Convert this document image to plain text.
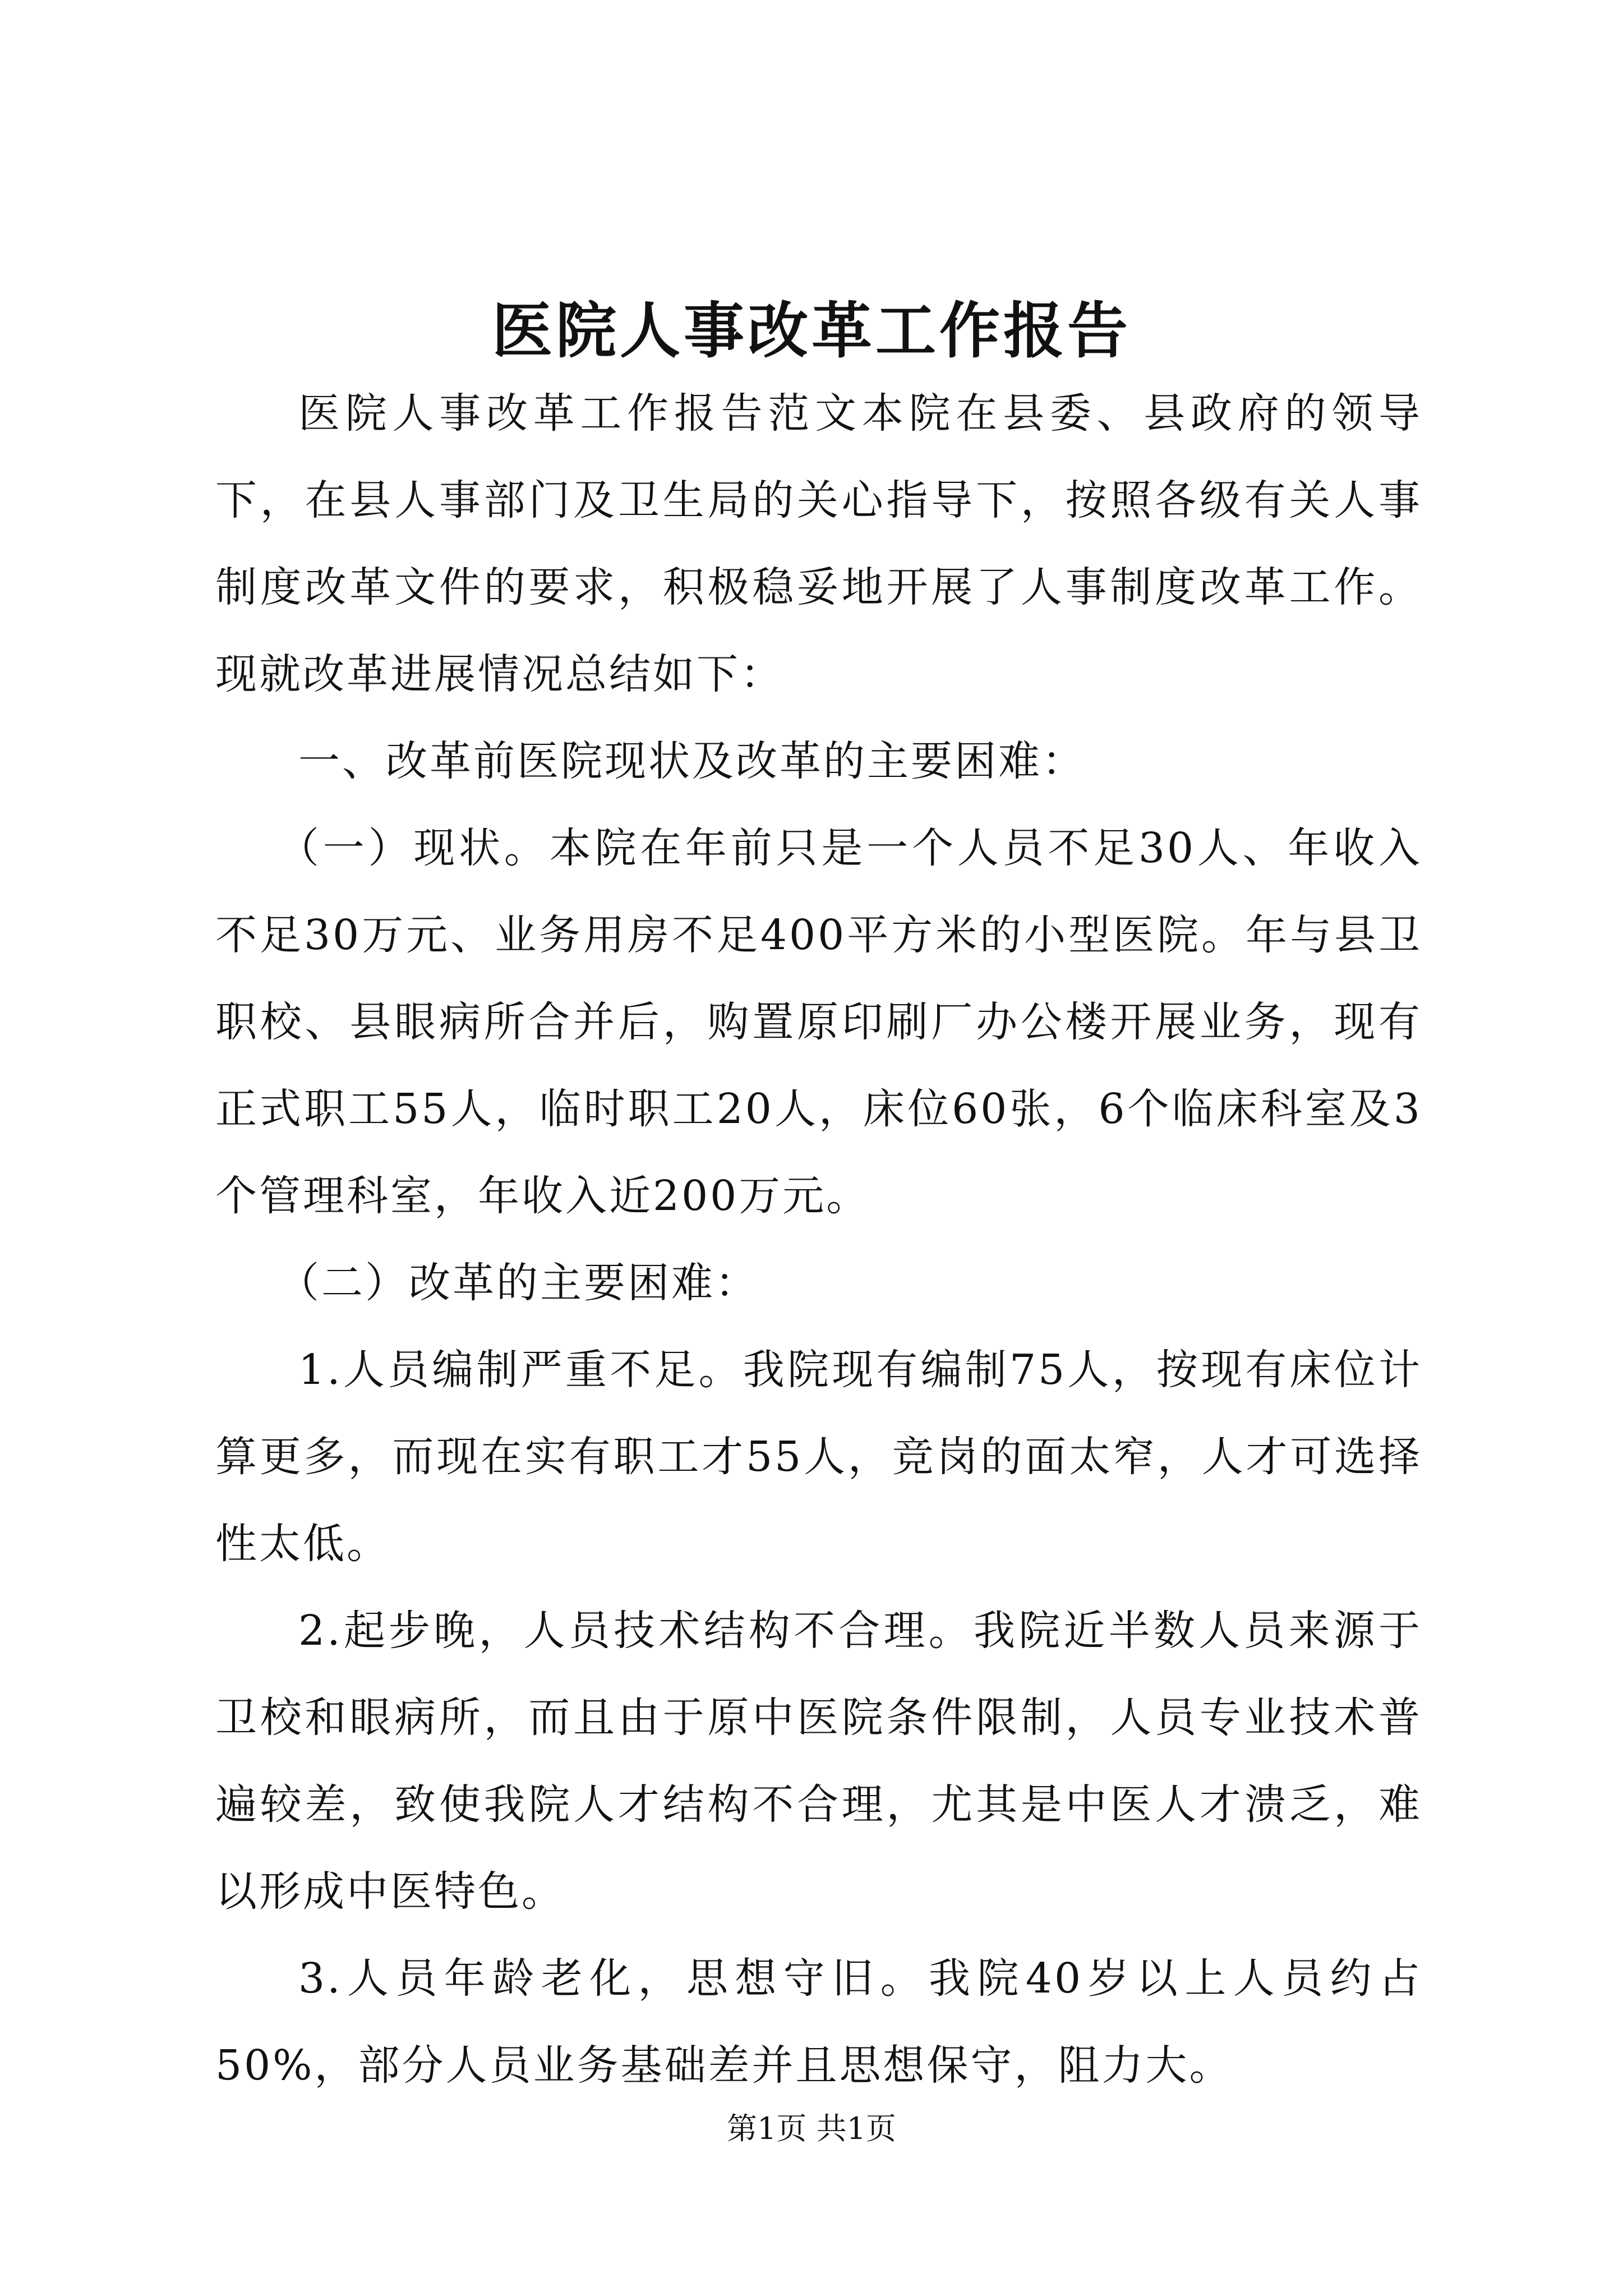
医院人事改革工作报告

医院人事改革工作报告范文本院在县委、县政府的领导下，在县人事部门及卫生局的关心指导下，按照各级有关人事制度改革文件的要求，积极稳妥地开展了人事制度改革工作。现就改革进展情况总结如下：

一、改革前医院现状及改革的主要困难：

（一）现状。本院在年前只是一个人员不足30人、年收入不足30万元、业务用房不足400平方米的小型医院。年与县卫职校、县眼病所合并后，购置原印刷厂办公楼开展业务，现有正式职工55人，临时职工20人，床位60张，6个临床科室及3个管理科室，年收入近200万元。

（二）改革的主要困难：

1.人员编制严重不足。我院现有编制75人，按现有床位计算更多，而现在实有职工才55人，竞岗的面太窄，人才可选择性太低。

2.起步晚，人员技术结构不合理。我院近半数人员来源于卫校和眼病所，而且由于原中医院条件限制，人员专业技术普遍较差，致使我院人才结构不合理，尤其是中医人才溃乏，难以形成中医特色。

3.人员年龄老化，思想守旧。我院40岁以上人员约占50%，部分人员业务基础差并且思想保守，阻力大。

第1页 共1页
